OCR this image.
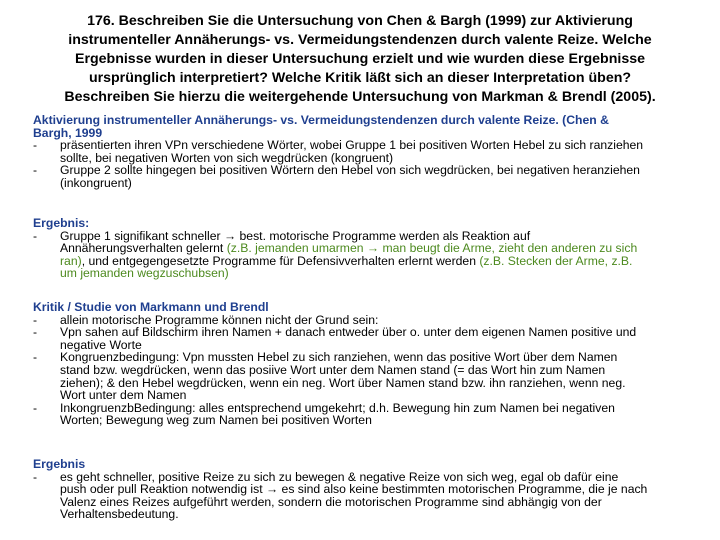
176. Beschreiben Sie die Untersuchung von Chen & Bargh (1999) zur Aktivierung
instrumenteller Annäherungs- vs. Vermeidungstendenzen durch valente Reize. Welche
Ergebnisse wurden in dieser Untersuchung erzielt und wie wurden diese Ergebnisse
ursprünglich interpretiert? Welche Kritik läßt sich an dieser Interpretation üben?
Beschreiben Sie hierzu die weitergehende Untersuchung von Markman & Brendl (2005).
Aktivierung instrumenteller Annäherungs- vs. Vermeidungstendenzen durch valente Reize. (Chen &
Bargh, 1999
- präsentierten ihren VPn verschiedene Wörter, wobei Gruppe 1 bei positiven Worten Hebel zu sich ranziehen
sollte, bei negativen Worten von sich wegdrücken (kongruent)
- Gruppe 2 sollte hingegen bei positiven Wörtern den Hebel von sich wegdrücken, bei negativen heranziehen
(inkongruent)
Ergebnis:
- Gruppe 1 signifikant schneller → best. motorische Programme werden als Reaktion auf
Annäherungsverhalten gelernt (z.B. jemanden umarmen → man beugt die Arme, zieht den anderen zu sich
ran), und entgegengesetzte Programme für Defensivverhalten erlernt werden (z.B. Stecken der Arme, z.B.
um jemanden wegzuschubsen)
Kritik / Studie von Markmann und Brendl
- allein motorische Programme können nicht der Grund sein:
- Vpn sahen auf Bildschirm ihren Namen + danach entweder über o. unter dem eigenen Namen positive und
negative Worte
- Kongruenzbedingung: Vpn mussten Hebel zu sich ranziehen, wenn das positive Wort über dem Namen
stand bzw. wegdrücken, wenn das posiive Wort unter dem Namen stand (= das Wort hin zum Namen
ziehen); & den Hebel wegdrücken, wenn ein neg. Wort über Namen stand bzw. ihn ranziehen, wenn neg.
Wort unter dem Namen
- InkongruenzbBedingung: alles entsprechend umgekehrt; d.h. Bewegung hin zum Namen bei negativen
Worten; Bewegung weg zum Namen bei positiven Worten
Ergebnis
- es geht schneller, positive Reize zu sich zu bewegen & negative Reize von sich weg, egal ob dafür eine
push oder pull Reaktion notwendig ist → es sind also keine bestimmten motorischen Programme, die je nach
Valenz eines Reizes aufgeführt werden, sondern die motorischen Programme sind abhängig von der
Verhaltensbedeutung.
